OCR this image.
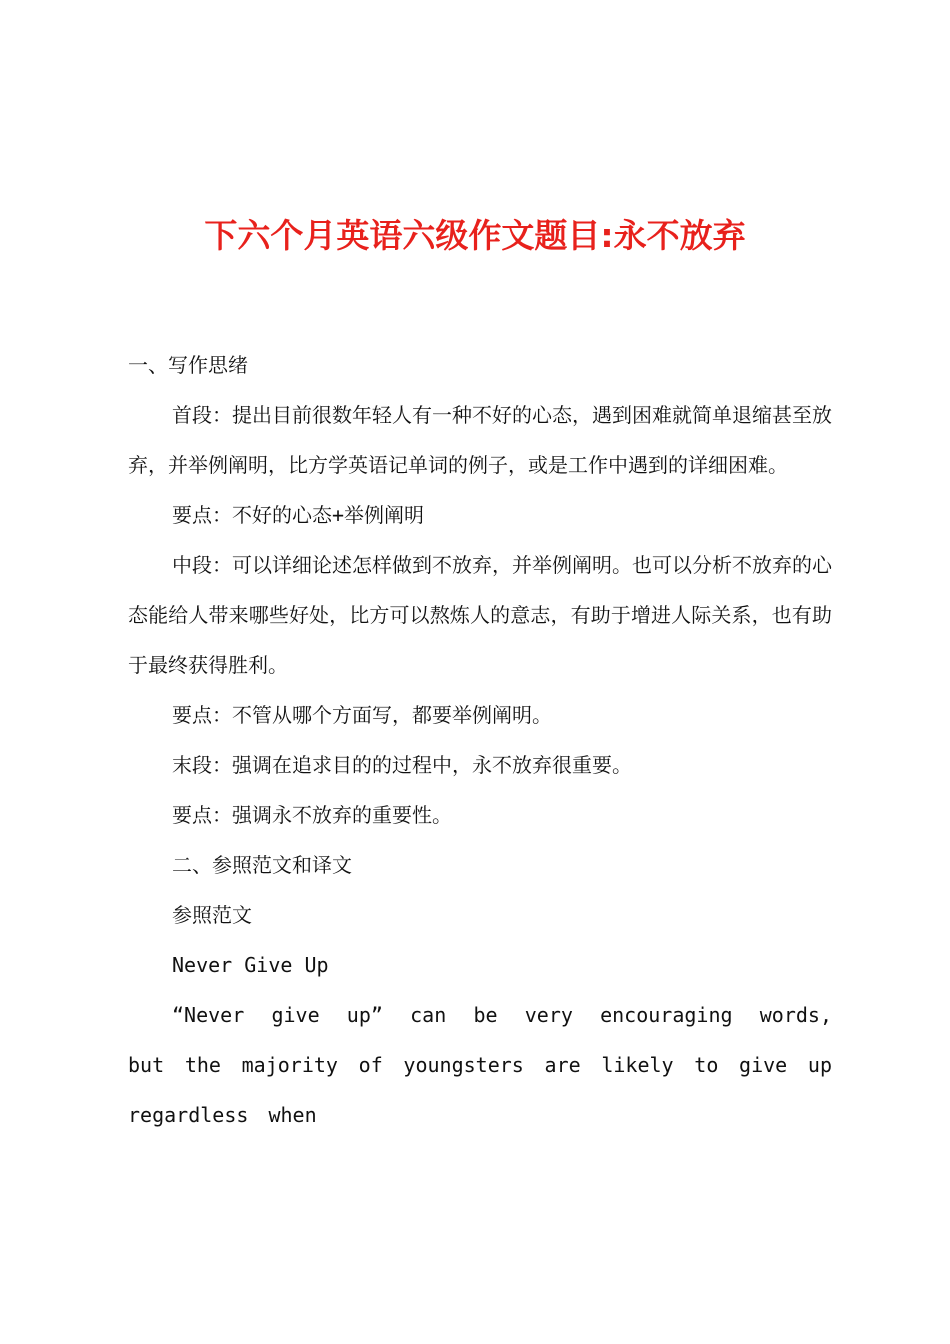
下六个月英语六级作文题目:永不放弃

一、写作思绪

首段：提出目前很数年轻人有一种不好的心态，遇到困难就简单退缩甚至放弃，并举例阐明，比方学英语记单词的例子，或是工作中遇到的详细困难。

要点：不好的心态+举例阐明

中段：可以详细论述怎样做到不放弃，并举例阐明。也可以分析不放弃的心态能给人带来哪些好处，比方可以熬炼人的意志，有助于增进人际关系，也有助于最终获得胜利。

要点：不管从哪个方面写，都要举例阐明。

末段：强调在追求目的的过程中，永不放弃很重要。

要点：强调永不放弃的重要性。

二、参照范文和译文

参照范文

Never Give Up

“Never give up” can be very encouraging words, but the majority of youngsters are likely to give up regardless when
